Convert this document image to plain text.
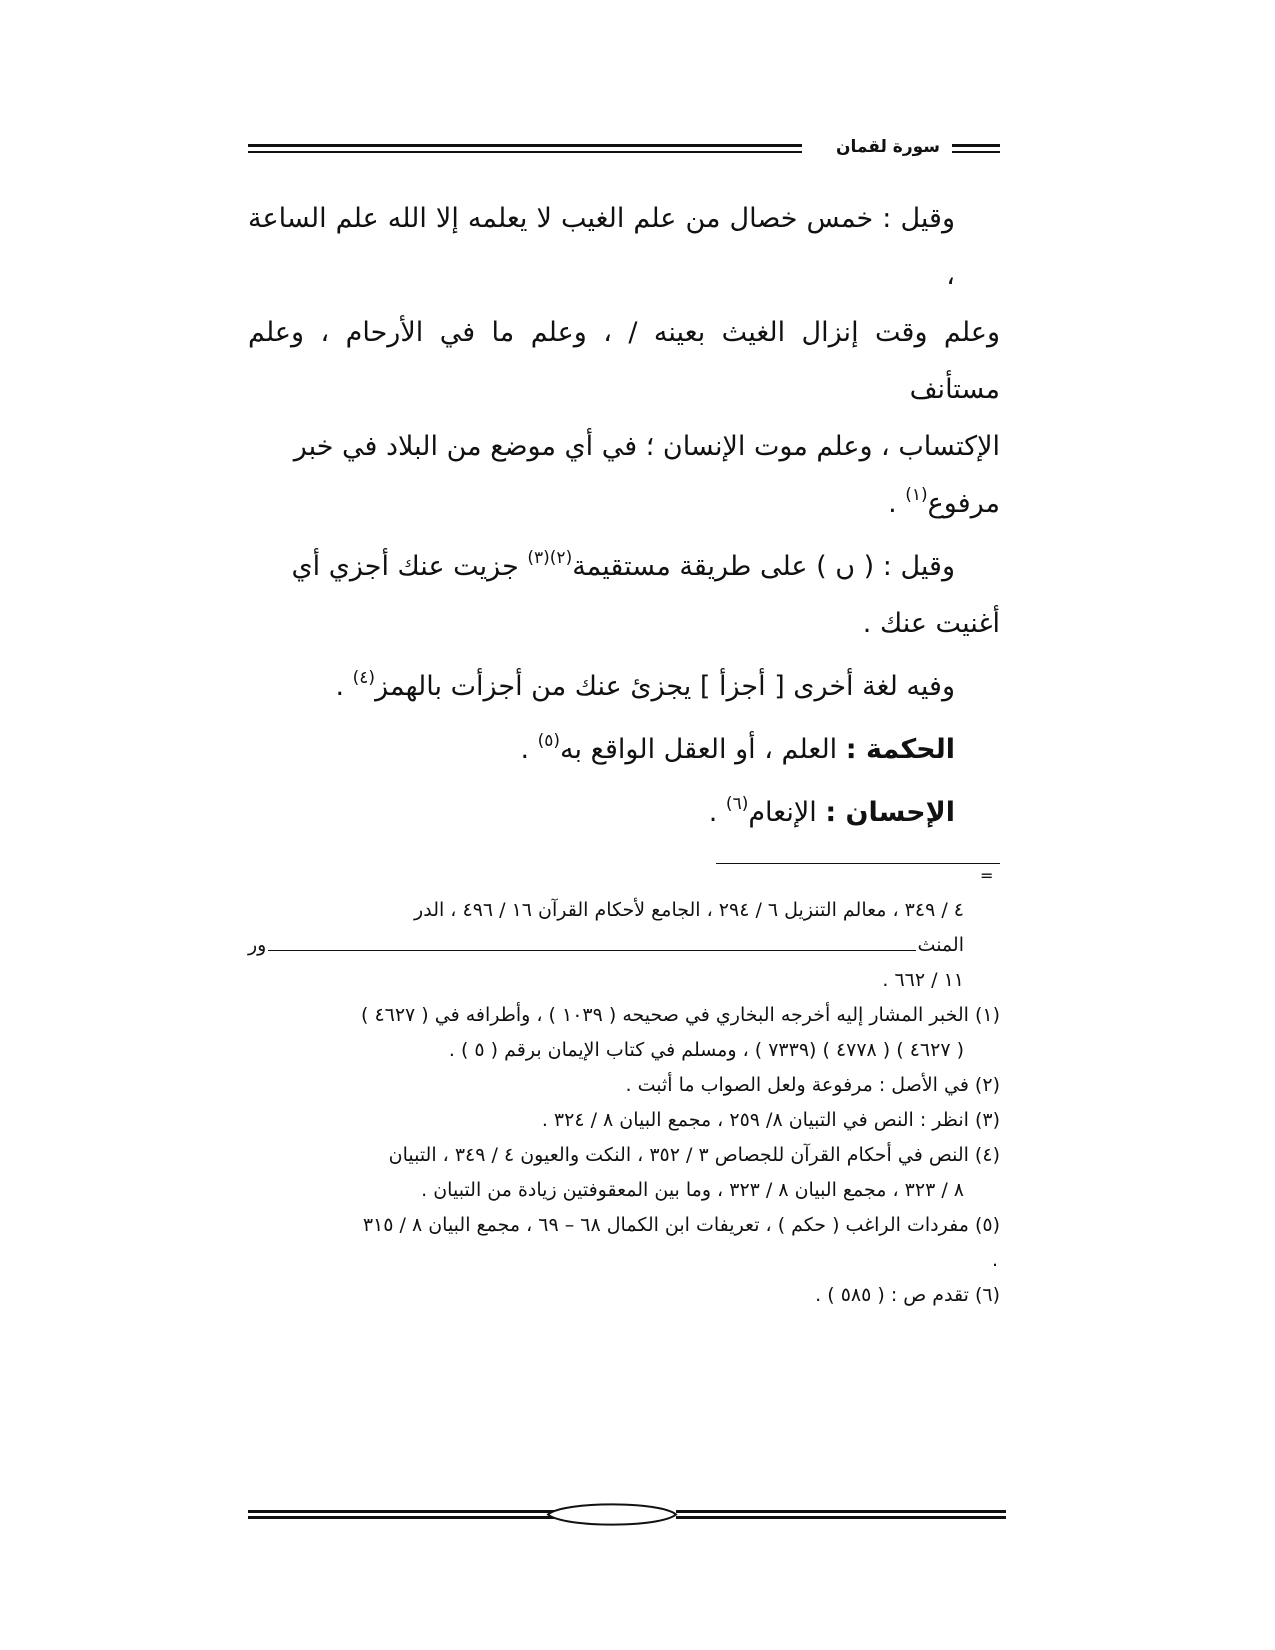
سورة لقمان

وقيل : خمس خصال من علم الغيب لا يعلمه إلا الله علم الساعة ،

وعلم وقت إنزال الغيث بعينه / ، وعلم ما في الأرحام ، وعلم مستأنف

الإكتساب ، وعلم موت الإنسان ؛ في أي موضع من البلاد في خبر

مرفوع$^{(١)}$ .

وقيل : ( ں ) على طريقة مستقيمة$^{(٢)(٣)}$ جزيت عنك أجزي أي

أغنيت عنك .

وفيه لغة أخرى [ أجزأ ] يجزئ عنك من أجزأت بالهمز$^{(٤)}$ .

الحكمة : العلم ، أو العقل الواقع به$^{(٥)}$ .

الإحسان : الإنعام$^{(٦)}$ .

=

٤ / ٣٤٩ ، معالم التنزيل ٦ / ٢٩٤ ، الجامع لأحكام القرآن ١٦ / ٤٩٦ ، الدر

المنث
ور

١١ / ٦٦٢ .

(١) الخبر المشار إليه أخرجه البخاري في صحيحه ( ١٠٣٩ ) ، وأطرافه في ( ٤٦٢٧ )

( ٤٦٢٧ ) ( ٤٧٧٨ ) (٧٣٣٩ ) ، ومسلم في كتاب الإيمان برقم ( ٥ ) .

(٢) في الأصل : مرفوعة ولعل الصواب ما أثبت .

(٣) انظر : النص في التبيان ٨/ ٢٥٩ ، مجمع البيان ٨ / ٣٢٤ .

(٤) النص في أحكام القرآن للجصاص ٣ / ٣٥٢ ، النكت والعيون ٤ / ٣٤٩ ، التبيان

٨ / ٣٢٣ ، مجمع البيان ٨ / ٣٢٣ ، وما بين المعقوفتين زيادة من التبيان .

(٥) مفردات الراغب ( حكم ) ، تعريفات ابن الكمال ٦٨ – ٦٩ ، مجمع البيان ٨ / ٣١٥

.

(٦) تقدم ص : ( ٥٨٥ ) .
